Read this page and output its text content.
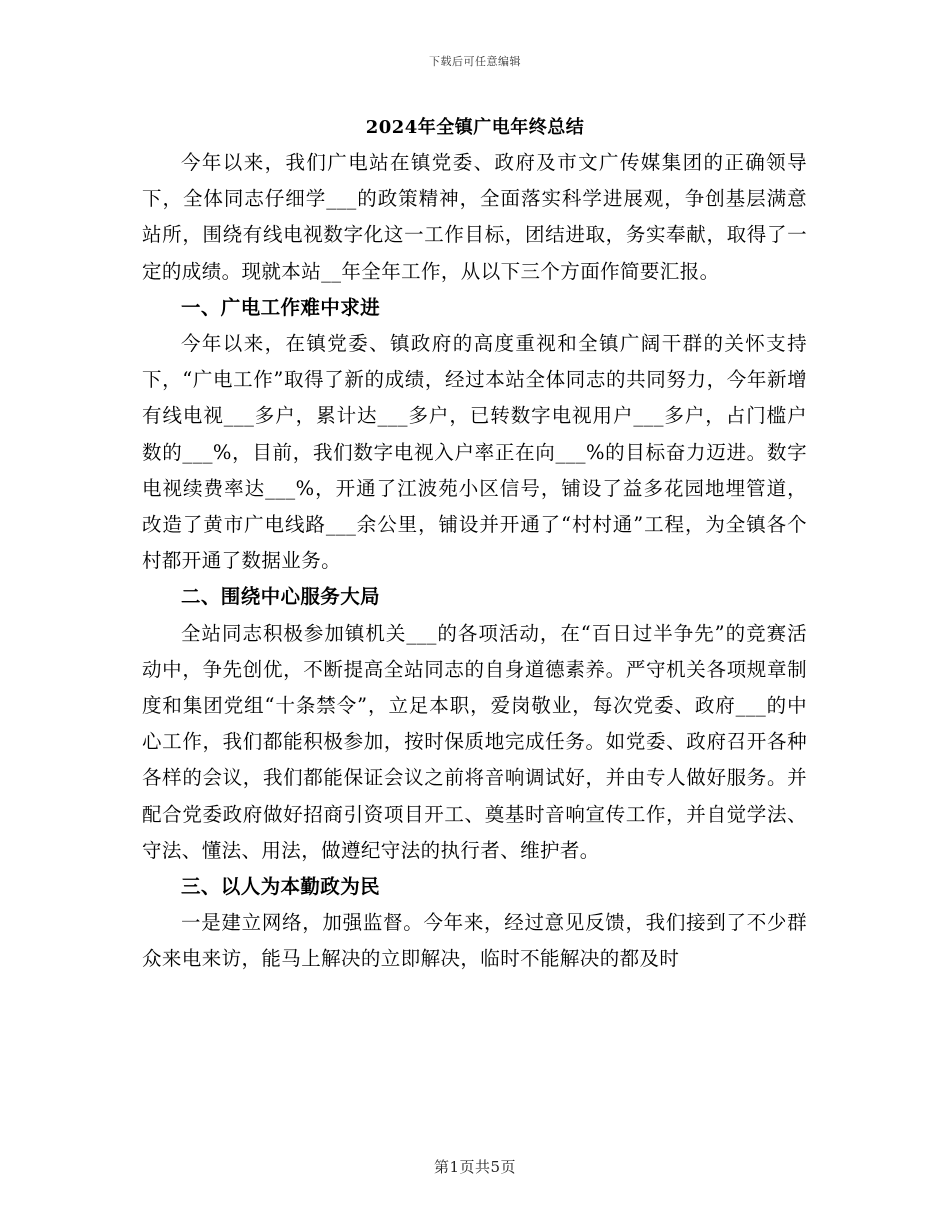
下载后可任意编辑
2024年全镇广电年终总结

今年以来，我们广电站在镇党委、政府及市文广传媒集团的正确领导下，全体同志仔细学___的政策精神，全面落实科学进展观，争创基层满意站所，围绕有线电视数字化这一工作目标，团结进取，务实奉献，取得了一定的成绩。现就本站__年全年工作，从以下三个方面作简要汇报。

一、广电工作难中求进

今年以来，在镇党委、镇政府的高度重视和全镇广阔干群的关怀支持下，“广电工作”取得了新的成绩，经过本站全体同志的共同努力，今年新增有线电视___多户，累计达___多户，已转数字电视用户___多户，占门槛户数的___%，目前，我们数字电视入户率正在向___%的目标奋力迈进。数字电视续费率达___%，开通了江波苑小区信号，铺设了益多花园地埋管道，改造了黄市广电线路___余公里，铺设并开通了“村村通”工程，为全镇各个村都开通了数据业务。

二、围绕中心服务大局

全站同志积极参加镇机关___的各项活动，在“百日过半争先”的竞赛活动中，争先创优，不断提高全站同志的自身道德素养。严守机关各项规章制度和集团党组“十条禁令”，立足本职，爱岗敬业，每次党委、政府___的中心工作，我们都能积极参加，按时保质地完成任务。如党委、政府召开各种各样的会议，我们都能保证会议之前将音响调试好，并由专人做好服务。并配合党委政府做好招商引资项目开工、奠基时音响宣传工作，并自觉学法、守法、懂法、用法，做遵纪守法的执行者、维护者。

三、以人为本勤政为民

一是建立网络，加强监督。今年来，经过意见反馈，我们接到了不少群众来电来访，能马上解决的立即解决，临时不能解决的都及时

第1页共5页
